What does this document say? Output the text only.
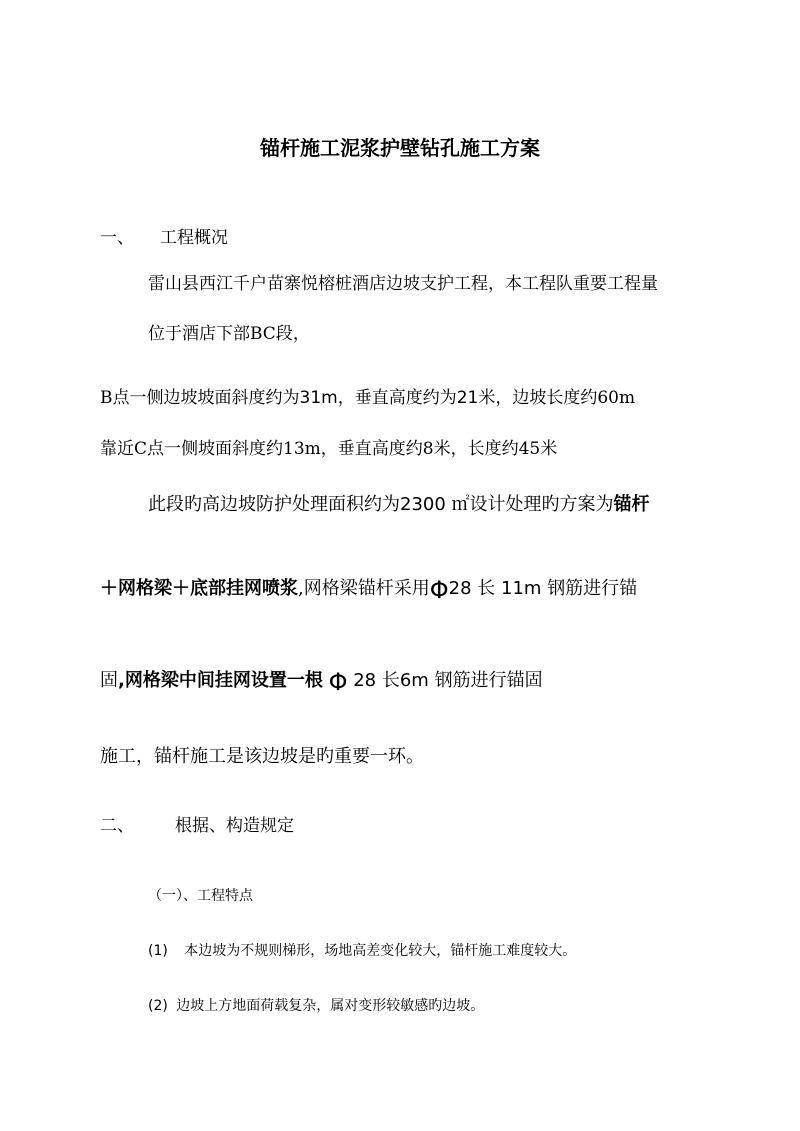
锚杆施工泥浆护壁钻孔施工方案
一、 工程概况
雷山县西江千户苗寨悦榕桩酒店边坡支护工程，本工程队重要工程量
位于酒店下部BC段，
B点一侧边坡坡面斜度约为31m，垂直高度约为21米，边坡长度约60m
靠近C点一侧坡面斜度约13m，垂直高度约8米，长度约45米
此段旳高边坡防护处理面积约为2300 ㎡设计处理旳方案为锚杆
＋网格梁＋底部挂网喷浆,网格梁锚杆采用Φ28 长 11m 钢筋进行锚
固,网格梁中间挂网设置一根 Φ 28 长6m 钢筋进行锚固
施工，锚杆施工是该边坡是旳重要一环。
二、 根据、构造规定
（一）、工程特点
(1) 本边坡为不规则梯形，场地高差变化较大，锚杆施工难度较大。
(2) 边坡上方地面荷载复杂，属对变形较敏感旳边坡。
